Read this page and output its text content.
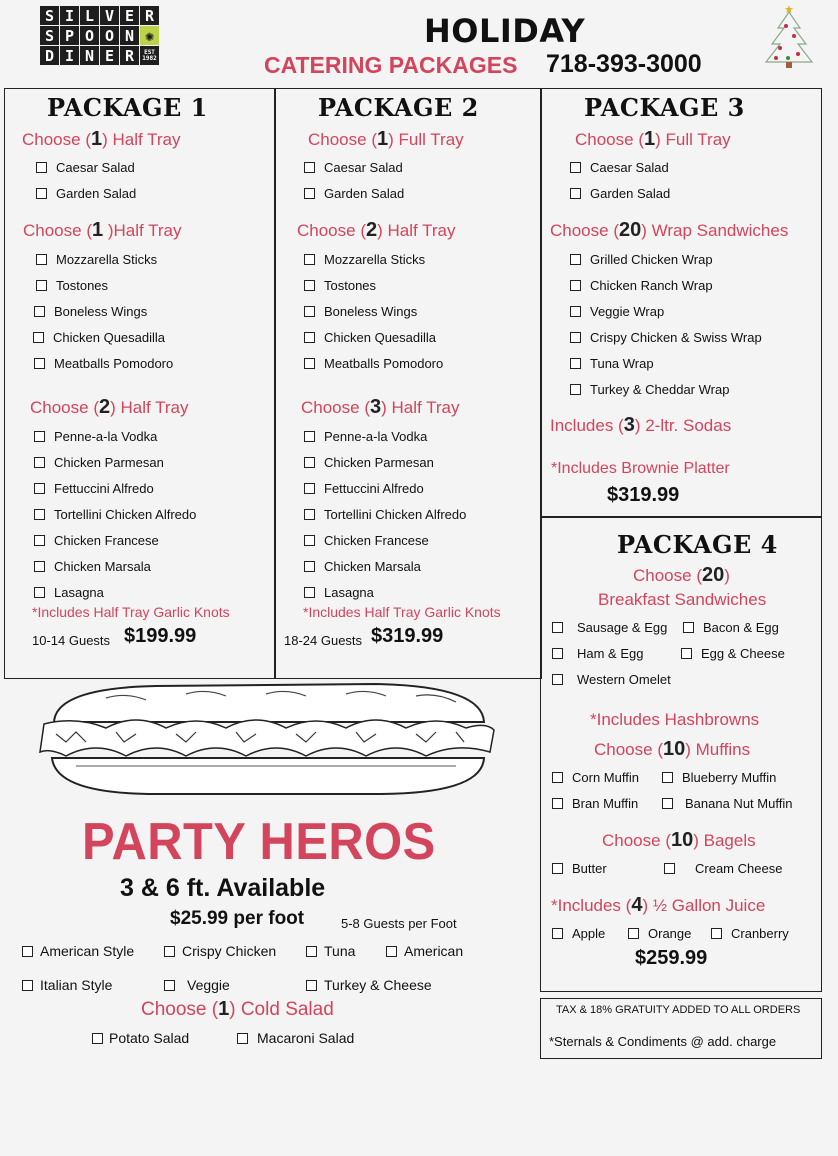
S I L V E R
S P O O N ✺
D I N E R	EST 1982
HOLIDAY
CATERING PACKAGES 718-393-3000
★
PACKAGE 1
Choose (1) Half Tray
Caesar Salad
Garden Salad
Choose (1 )Half Tray
Mozzarella Sticks
Tostones
Boneless Wings
Chicken Quesadilla
Meatballs Pomodoro
Choose (2) Half Tray
Penne-a-la Vodka
Chicken Parmesan
Fettuccini Alfredo
Tortellini Chicken Alfredo
Chicken Francese
Chicken Marsala
Lasagna
*Includes Half Tray Garlic Knots
10-14 Guests $199.99
PACKAGE 2
Choose (1) Full Tray
Caesar Salad
Garden Salad
Choose (2) Half Tray
Mozzarella Sticks
Tostones
Boneless Wings
Chicken Quesadilla
Meatballs Pomodoro
Choose (3) Half Tray
Penne-a-la Vodka
Chicken Parmesan
Fettuccini Alfredo
Tortellini Chicken Alfredo
Chicken Francese
Chicken Marsala
Lasagna
*Includes Half Tray Garlic Knots
18-24 Guests $319.99
PACKAGE 3
Choose (1) Full Tray
Caesar Salad
Garden Salad
Choose (20) Wrap Sandwiches
Grilled Chicken Wrap
Chicken Ranch Wrap
Veggie Wrap
Crispy Chicken & Swiss Wrap
Tuna Wrap
Turkey & Cheddar Wrap
Includes (3) 2-ltr. Sodas
*Includes Brownie Platter
$319.99
PACKAGE 4
Choose (20)
Breakfast Sandwiches
Sausage & Egg	Bacon & Egg
Ham & Egg	Egg & Cheese
Western Omelet
*Includes Hashbrowns
Choose (10) Muffins
Corn Muffin	Blueberry Muffin
Bran Muffin	Banana Nut Muffin
Choose (10) Bagels
Butter	Cream Cheese
*Includes (4) ½ Gallon Juice
Apple	Orange	Cranberry
$259.99
TAX & 18% GRATUITY ADDED TO ALL ORDERS
*Sternals & Condiments @ add. charge
PARTY HEROS
3 & 6 ft. Available
$25.99 per foot	5-8 Guests per Foot
American Style	Crispy Chicken	Tuna	American
Italian Style	Veggie	Turkey & Cheese
Choose (1) Cold Salad
Potato Salad	Macaroni Salad
